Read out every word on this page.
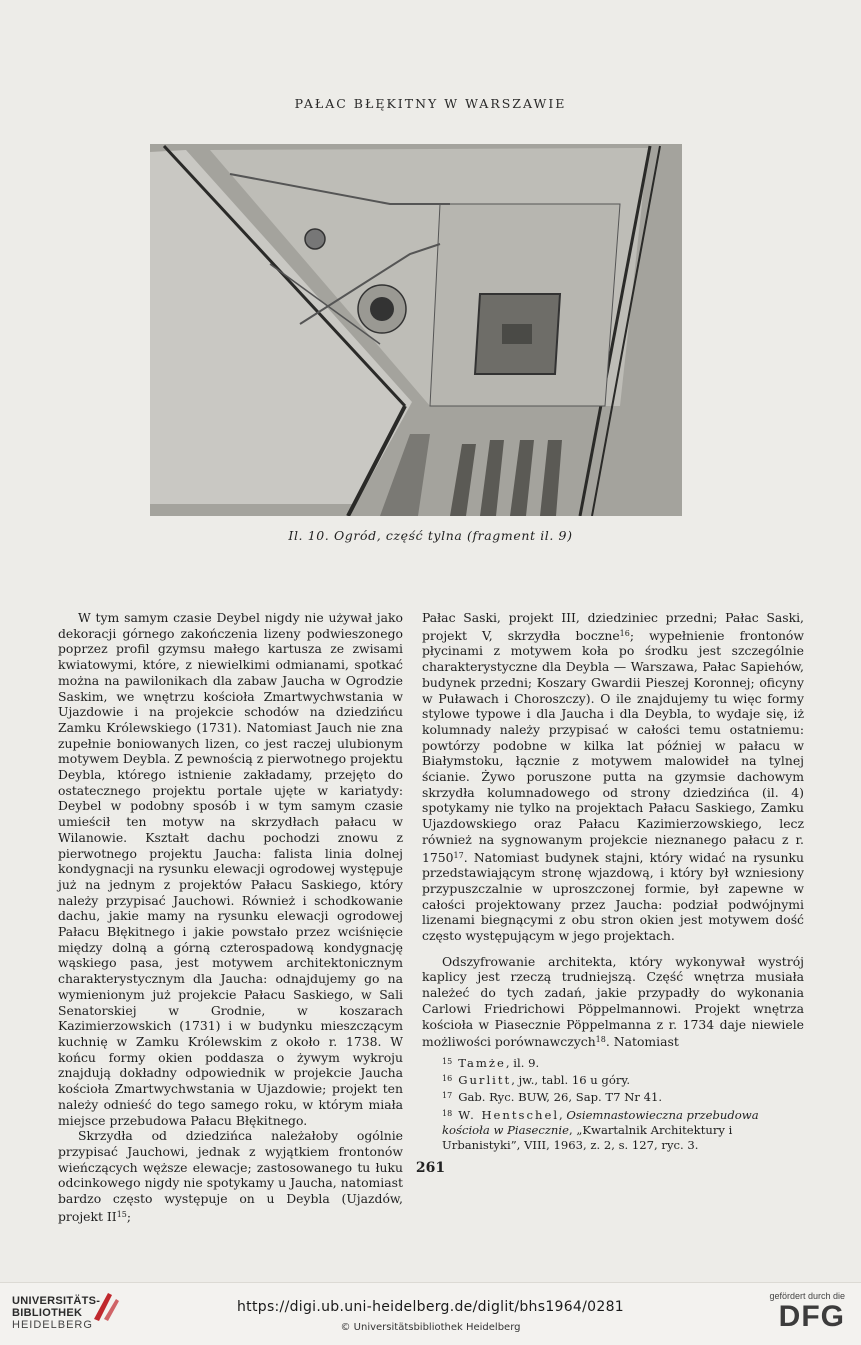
PAŁAC BŁĘKITNY W WARSZAWIE
Il. 10. Ogród, część tylna (fragment il. 9)

W tym samym czasie Deybel nigdy nie używał jako dekoracji górnego zakończenia lizeny podwieszonego poprzez profil gzymsu małego kartusza ze zwisami kwiatowymi, które, z niewielkimi odmianami, spotkać można na pawilonikach dla zabaw Jaucha w Ogrodzie Saskim, we wnętrzu kościoła Zmartwychwstania w Ujazdowie i na projekcie schodów na dziedzińcu Zamku Królewskiego (1731). Natomiast Jauch nie zna zupełnie boniowanych lizen, co jest raczej ulubionym motywem Deybla. Z pewnością z pierwotnego projektu Deybla, którego istnienie zakładamy, przejęto do ostatecznego projektu portale ujęte w kariatydy: Deybel w podobny sposób i w tym samym czasie umieścił ten motyw na skrzydłach pałacu w Wilanowie. Kształt dachu pochodzi znowu z pierwotnego projektu Jaucha: falista linia dolnej kondygnacji na rysunku elewacji ogrodowej występuje już na jednym z projektów Pałacu Saskiego, który należy przypisać Jauchowi. Również i schodkowanie dachu, jakie mamy na rysunku elewacji ogrodowej Pałacu Błękitnego i jakie powstało przez wciśnięcie między dolną a górną czterospadową kondygnację wąskiego pasa, jest motywem architektonicznym charakterystycznym dla Jaucha: odnajdujemy go na wymienionym już projekcie Pałacu Saskiego, w Sali Senatorskiej w Grodnie, w koszarach Kazimierzowskich (1731) i w budynku mieszczącym kuchnię w Zamku Królewskim z około r. 1738. W końcu formy okien poddasza o żywym wykroju znajdują dokładny odpowiednik w projekcie Jaucha kościoła Zmartwychwstania w Ujazdowie; projekt ten należy odnieść do tego samego roku, w którym miała miejsce przebudowa Pałacu Błękitnego.

Skrzydła od dziedzińca należałoby ogólnie przypisać Jauchowi, jednak z wyjątkiem frontonów wieńczących węższe elewacje; zastosowanego tu łuku odcinkowego nigdy nie spotykamy u Jaucha, natomiast bardzo często występuje on u Deybla (Ujazdów, projekt II$^{15}$;

Pałac Saski, projekt III, dziedziniec przedni; Pałac Saski, projekt V, skrzydła boczne$^{16}$; wypełnienie frontonów płycinami z motywem koła po środku jest szczególnie charakterystyczne dla Deybla — Warszawa, Pałac Sapiehów, budynek przedni; Koszary Gwardii Pieszej Koronnej; oficyny w Puławach i Choroszczy). O ile znajdujemy tu więc formy stylowe typowe i dla Jaucha i dla Deybla, to wydaje się, iż kolumnady należy przypisać w całości temu ostatniemu: powtórzy podobne w kilka lat później w pałacu w Białymstoku, łącznie z motywem malowideł na tylnej ścianie. Żywo poruszone putta na gzymsie dachowym skrzydła kolumnadowego od strony dziedzińca (il. 4) spotykamy nie tylko na projektach Pałacu Saskiego, Zamku Ujazdowskiego oraz Pałacu Kazimierzowskiego, lecz również na sygnowanym projekcie nieznanego pałacu z r. 1750$^{17}$. Natomiast budynek stajni, który widać na rysunku przedstawiającym stronę wjazdową, i który był wzniesiony przypuszczalnie w uproszczonej formie, był zapewne w całości projektowany przez Jaucha: podział podwójnymi lizenami biegnącymi z obu stron okien jest motywem dość często występującym w jego projektach.

Odszyfrowanie architekta, który wykonywał wystrój kaplicy jest rzeczą trudniejszą. Część wnętrza musiała należeć do tych zadań, jakie przypadły do wykonania Carlowi Friedrichowi Pöppelmannowi. Projekt wnętrza kościoła w Piasecznie Pöppelmanna z r. 1734 daje niewiele możliwości porównawczych$^{18}$. Natomiast

$^{15}$ Tamże, il. 9.

$^{16}$ Gurlitt, jw., tabl. 16 u góry.

$^{17}$ Gab. Ryc. BUW, 26, Sap. T7 Nr 41.

$^{18}$ W. Hentschel, Osiemnastowieczna przebudowa kościoła w Piasecznie, „Kwartalnik Architektury i Urbanistyki”, VIII, 1963, z. 2, s. 127, ryc. 3.

261
UNIVERSITÄTS-
BIBLIOTHEK
HEIDELBERG
https://digi.ub.uni-heidelberg.de/diglit/bhs1964/0281
© Universitätsbibliothek Heidelberg
gefördert durch die
DFG
